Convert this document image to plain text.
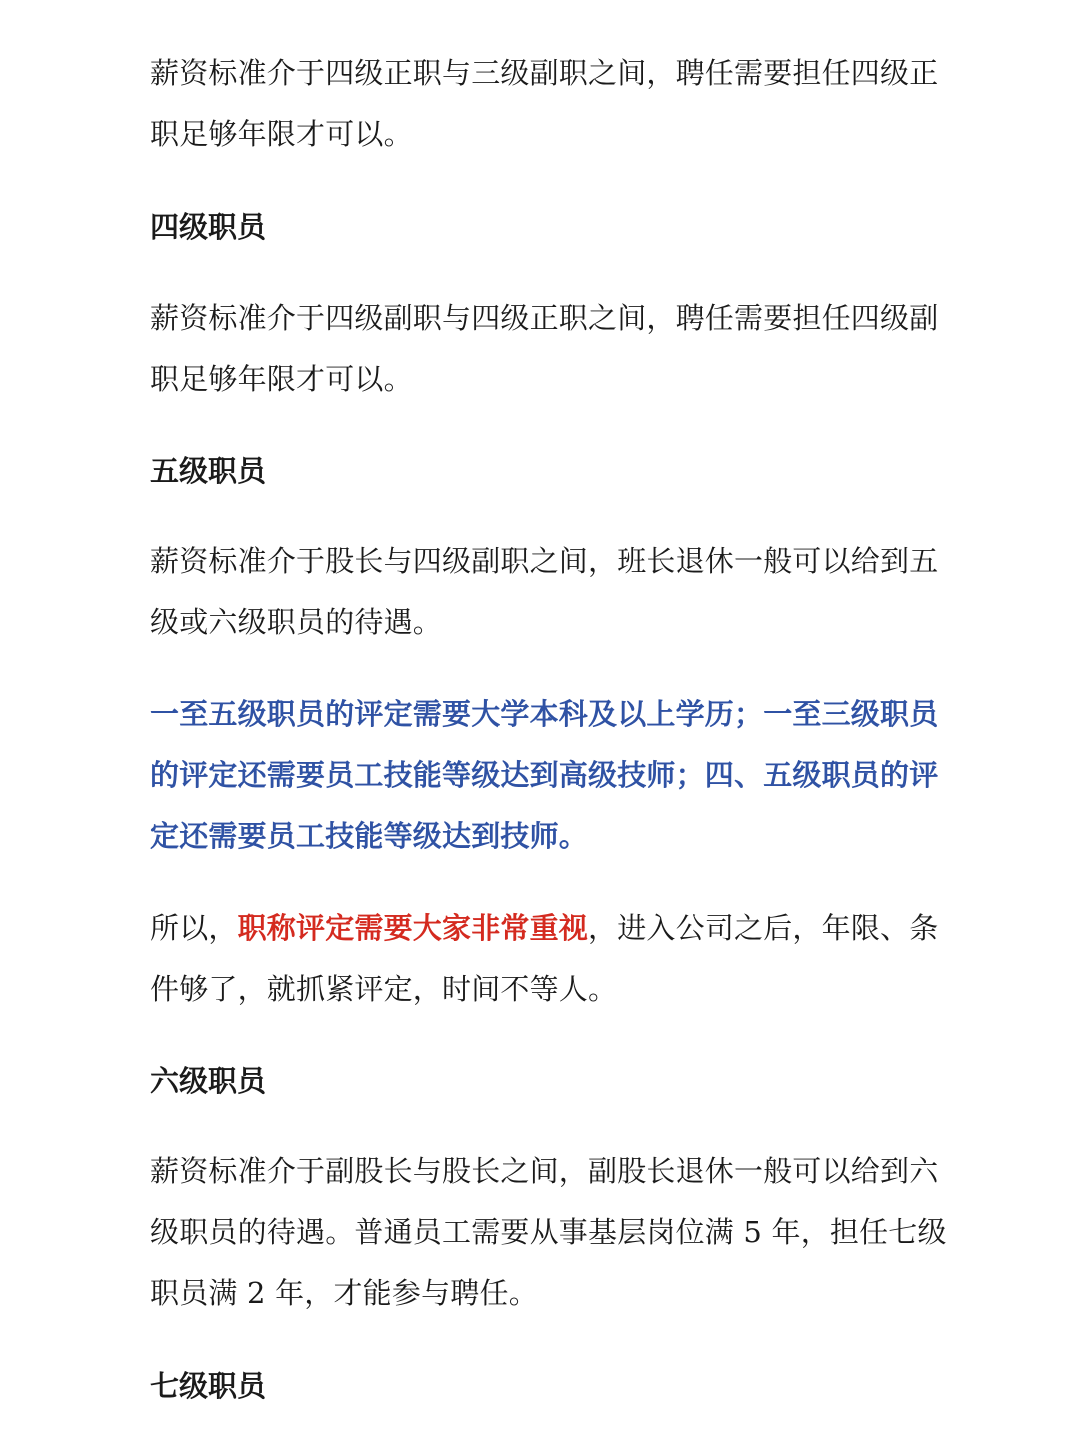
薪资标准介于四级正职与三级副职之间，聘任需要担任四级正职足够年限才可以。

四级职员

薪资标准介于四级副职与四级正职之间，聘任需要担任四级副职足够年限才可以。

五级职员

薪资标准介于股长与四级副职之间，班长退休一般可以给到五级或六级职员的待遇。

一至五级职员的评定需要大学本科及以上学历；一至三级职员的评定还需要员工技能等级达到高级技师；四、五级职员的评定还需要员工技能等级达到技师。

所以，职称评定需要大家非常重视，进入公司之后，年限、条件够了，就抓紧评定，时间不等人。

六级职员

薪资标准介于副股长与股长之间，副股长退休一般可以给到六级职员的待遇。普通员工需要从事基层岗位满 5 年，担任七级职员满 2 年，才能参与聘任。

七级职员
